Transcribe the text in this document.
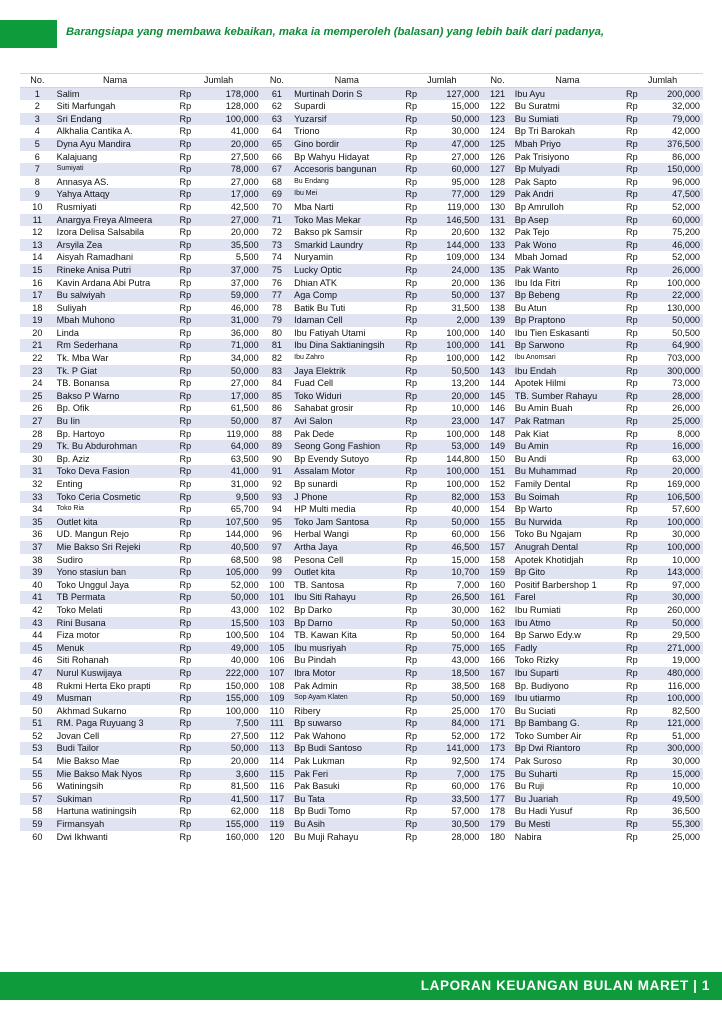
Barangsiapa yang membawa kebaikan, maka ia memperoleh (balasan) yang lebih baik dari padanya,
No.	Nama	Jumlah		No.	Nama	Jumlah		No.	Nama	Jumlah	
1	Salim	Rp	178,000	61	Murtinah Dorin S	Rp	127,000	121	Ibu Ayu	Rp	200,000
2	Siti Marfungah	Rp	128,000	62	Supardi	Rp	15,000	122	Bu Suratmi	Rp	32,000
3	Sri Endang	Rp	100,000	63	Yuzarsif	Rp	50,000	123	Bu Sumiati	Rp	79,000
4	Alkhalia Cantika A.	Rp	41,000	64	Triono	Rp	30,000	124	Bp Tri Barokah	Rp	42,000
5	Dyna Ayu Mandira	Rp	20,000	65	Gino bordir	Rp	47,000	125	Mbah Priyo	Rp	376,500
6	Kalajuang	Rp	27,500	66	Bp Wahyu Hidayat	Rp	27,000	126	Pak Trisiyono	Rp	86,000
7	Sumiyati	Rp	78,000	67	Accesoris bangunan	Rp	60,000	127	Bp Mulyadi	Rp	150,000
8	Annasya AS.	Rp	27,000	68	Bu Endang	Rp	95,000	128	Pak Sapto	Rp	96,000
9	Yahya Attaqy	Rp	17,000	69	Ibu Mei	Rp	77,000	129	Pak Andri	Rp	47,500
10	Rusmiyati	Rp	42,500	70	Mba Narti	Rp	119,000	130	Bp Amrulloh	Rp	52,000
11	Anargya Freya Almeera	Rp	27,000	71	Toko Mas Mekar	Rp	146,500	131	Bp Asep	Rp	60,000
12	Izora Delisa Salsabila	Rp	20,000	72	Bakso pk Samsir	Rp	20,600	132	Pak Tejo	Rp	75,200
13	Arsyila Zea	Rp	35,500	73	Smarkid Laundry	Rp	144,000	133	Pak Wono	Rp	46,000
14	Aisyah Ramadhani	Rp	5,500	74	Nuryamin	Rp	109,000	134	Mbah Jomad	Rp	52,000
15	Rineke Anisa Putri	Rp	37,000	75	Lucky Optic	Rp	24,000	135	Pak Wanto	Rp	26,000
16	Kavin Ardana Abi Putra	Rp	37,000	76	Dhian ATK	Rp	20,000	136	Ibu Ida Fitri	Rp	100,000
17	Bu salwiyah	Rp	59,000	77	Aga Comp	Rp	50,000	137	Bp Bebeng	Rp	22,000
18	Suliyah	Rp	46,000	78	Batik Bu Tuti	Rp	31,500	138	Bu Atun	Rp	130,000
19	Mbah Muhono	Rp	31,000	79	Idaman Cell	Rp	2,000	139	Bp Praptono	Rp	50,000
20	Linda	Rp	36,000	80	Ibu Fatiyah Utami	Rp	100,000	140	Ibu Tien Eskasanti	Rp	50,500
21	Rm Sederhana	Rp	71,000	81	Ibu Dina Saktianingsih	Rp	100,000	141	Bp Sarwono	Rp	64,900
22	Tk. Mba War	Rp	34,000	82	Ibu Zahro	Rp	100,000	142	Ibu Anomsari	Rp	703,000
23	Tk. P Giat	Rp	50,000	83	Jaya Elektrik	Rp	50,500	143	Ibu Endah	Rp	300,000
24	TB. Bonansa	Rp	27,000	84	Fuad Cell	Rp	13,200	144	Apotek Hilmi	Rp	73,000
25	Bakso P Warno	Rp	17,000	85	Toko Widuri	Rp	20,000	145	TB. Sumber Rahayu	Rp	28,000
26	Bp. Ofik	Rp	61,500	86	Sahabat grosir	Rp	10,000	146	Bu Amin Buah	Rp	26,000
27	Bu Iin	Rp	50,000	87	Avi Salon	Rp	23,000	147	Pak Ratman	Rp	25,000
28	Bp. Hartoyo	Rp	119,000	88	Pak Dede	Rp	100,000	148	Pak Kiat	Rp	8,000
29	Tk. Bu Abdurohman	Rp	64,000	89	Seong Gong Fashion	Rp	53,000	149	Bu Amin	Rp	16,000
30	Bp. Aziz	Rp	63,500	90	Bp Evendy Sutoyo	Rp	144,800	150	Bu Andi	Rp	63,000
31	Toko Deva Fasion	Rp	41,000	91	Assalam Motor	Rp	100,000	151	Bu Muhammad	Rp	20,000
32	Enting	Rp	31,000	92	Bp sunardi	Rp	100,000	152	Family Dental	Rp	169,000
33	Toko Ceria Cosmetic	Rp	9,500	93	J Phone	Rp	82,000	153	Bu Soimah	Rp	106,500
34	Toko Ria	Rp	65,700	94	HP Multi media	Rp	40,000	154	Bp Warto	Rp	57,600
35	Outlet kita	Rp	107,500	95	Toko Jam Santosa	Rp	50,000	155	Bu Nurwida	Rp	100,000
36	UD. Mangun Rejo	Rp	144,000	96	Herbal Wangi	Rp	60,000	156	Toko Bu Ngajam	Rp	30,000
37	Mie Bakso Sri Rejeki	Rp	40,500	97	Artha Jaya	Rp	46,500	157	Anugrah Dental	Rp	100,000
38	Sudiro	Rp	68,500	98	Pesona Cell	Rp	15,000	158	Apotek Khotidjah	Rp	10,000
39	Yono stasiun ban	Rp	105,000	99	Outlet kita	Rp	10,700	159	Bp Gito	Rp	143,000
40	Toko Unggul Jaya	Rp	52,000	100	TB. Santosa	Rp	7,000	160	Positif Barbershop 1	Rp	97,000
41	TB Permata	Rp	50,000	101	Ibu Siti Rahayu	Rp	26,500	161	Farel	Rp	30,000
42	Toko Melati	Rp	43,000	102	Bp Darko	Rp	30,000	162	Ibu Rumiati	Rp	260,000
43	Rini Busana	Rp	15,500	103	Bp Darno	Rp	50,000	163	Ibu Atmo	Rp	50,000
44	Fiza motor	Rp	100,500	104	TB. Kawan Kita	Rp	50,000	164	Bp Sarwo Edy.w	Rp	29,500
45	Menuk	Rp	49,000	105	Ibu musriyah	Rp	75,000	165	Fadly	Rp	271,000
46	Siti Rohanah	Rp	40,000	106	Bu Pindah	Rp	43,000	166	Toko Rizky	Rp	19,000
47	Nurul Kuswijaya	Rp	222,000	107	Ibra Motor	Rp	18,500	167	Ibu Suparti	Rp	480,000
48	Rukmi Herta Eko prapti	Rp	150,000	108	Pak Admin	Rp	38,500	168	Bp. Budiyono	Rp	116,000
49	Musman	Rp	155,000	109	Sop Ayam Klaten	Rp	50,000	169	Ibu utiarmo	Rp	100,000
50	Akhmad Sukarno	Rp	100,000	110	Ribery	Rp	25,000	170	Bu Suciati	Rp	82,500
51	RM. Paga Ruyuang 3	Rp	7,500	111	Bp suwarso	Rp	84,000	171	Bp Bambang G.	Rp	121,000
52	Jovan Cell	Rp	27,500	112	Pak Wahono	Rp	52,000	172	Toko Sumber Air	Rp	51,000
53	Budi Tailor	Rp	50,000	113	Bp Budi Santoso	Rp	141,000	173	Bp Dwi Riantoro	Rp	300,000
54	Mie Bakso Mae	Rp	20,000	114	Pak Lukman	Rp	92,500	174	Pak Suroso	Rp	30,000
55	Mie Bakso Mak Nyos	Rp	3,600	115	Pak Feri	Rp	7,000	175	Bu Suharti	Rp	15,000
56	Watiningsih	Rp	81,500	116	Pak Basuki	Rp	60,000	176	Bu Ruji	Rp	10,000
57	Sukiman	Rp	41,500	117	Bu Tata	Rp	33,500	177	Bu Juariah	Rp	49,500
58	Hartuna watiningsih	Rp	62,000	118	Bp Budi Tomo	Rp	57,000	178	Bu Hadi Yusuf	Rp	36,500
59	Firmansyah	Rp	155,000	119	Bu Asih	Rp	30,500	179	Bu Mesti	Rp	55,300
60	Dwi Ikhwanti	Rp	160,000	120	Bu Muji Rahayu	Rp	28,000	180	Nabira	Rp	25,000
LAPORAN KEUANGAN BULAN MARET | 1
